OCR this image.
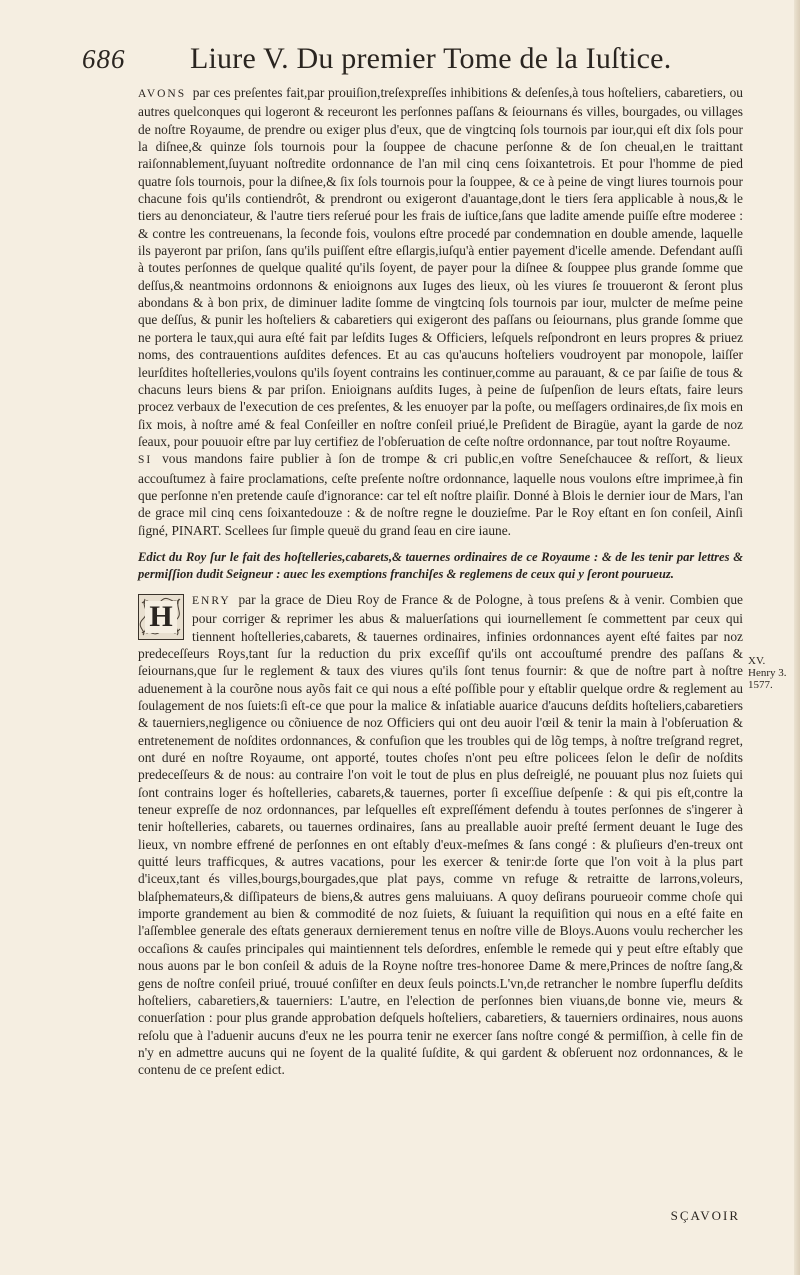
686	Liure V. Du premier Tome de la Iuſtice.

AVONS par ces preſentes fait,par prouiſion,treſexpreſſes inhibitions & deſenſes,à tous hoſteliers, cabaretiers, ou autres quelconques qui logeront & receuront les perſonnes paſſans & ſeiournans és villes, bourgades, ou villages de noſtre Royaume, de prendre ou exiger plus d'eux, que de vingtcinq ſols tournois par iour,qui eſt dix ſols pour la diſnee,& quinze ſols tournois pour la ſouppee de chacune perſonne & de ſon cheual,en le traittant raiſonnablement,ſuyuant noſtredite ordonnance de l'an mil cinq cens ſoixantetrois. Et pour l'homme de pied quatre ſols tournois, pour la diſnee,& ſix ſols tournois pour la ſouppee, & ce à peine de vingt liures tournois pour chacune fois qu'ils contiendrôt, & prendront ou exigeront d'auantage,dont le tiers ſera applicable à nous,& le tiers au denonciateur, & l'autre tiers reſerué pour les frais de iuſtice,ſans que ladite amende puiſſe eſtre moderee : & contre les contreuenans, la ſeconde fois, voulons eſtre procedé par condemnation en double amende, laquelle ils payeront par priſon, ſans qu'ils puiſſent eſtre eſlargis,iuſqu'à entier payement d'icelle amende. Defendant auſſi à toutes perſonnes de quelque qualité qu'ils ſoyent, de payer pour la diſnee & ſouppee plus grande ſomme que deſſus,& neantmoins ordonnons & enioignons aux Iuges des lieux, où les viures ſe trouueront & ſeront plus abondans & à bon prix, de diminuer ladite ſomme de vingtcinq ſols tournois par iour, mulcter de meſme peine que deſſus, & punir les hoſteliers & cabaretiers qui exigeront des paſſans ou ſeiournans, plus grande ſomme que ne portera le taux,qui aura eſté fait par leſdits Iuges & Officiers, leſquels reſpondront en leurs propres & priuez noms, des contrauentions auſdites defences. Et au cas qu'aucuns hoſteliers voudroyent par monopole, laiſſer leurſdites hoſtelleries,voulons qu'ils ſoyent contrains les continuer,comme au parauant, & ce par ſaiſie de tous & chacuns leurs biens & par priſon. Enioignans auſdits Iuges, à peine de ſuſpenſion de leurs eſtats, faire leurs procez verbaux de l'execution de ces preſentes, & les enuoyer par la poſte, ou meſſagers ordinaires,de ſix mois en ſix mois, à noſtre amé & feal Conſeiller en noſtre conſeil priué,le Preſident de Biragüe, ayant la garde de noz ſeaux, pour pouuoir eſtre par luy certifiez de l'obſeruation de ceſte noſtre ordonnance, par tout noſtre Royaume.

SI vous mandons faire publier à ſon de trompe & cri public,en voſtre Seneſchaucee & reſſort, & lieux accouſtumez à faire proclamations, ceſte preſente noſtre ordonnance, laquelle nous voulons eſtre imprimee,à fin que perſonne n'en pretende cauſe d'ignorance: car tel eſt noſtre plaiſir. Donné à Blois le dernier iour de Mars, l'an de grace mil cinq cens ſoixantedouze : & de noſtre regne le douzieſme. Par le Roy eſtant en ſon conſeil, Ainſi ſigné, PINART. Scellees ſur ſimple queuë du grand ſeau en cire iaune.

Edict du Roy ſur le fait des hoſtelleries,cabarets,& tauernes ordinaires de ce Royaume : & de les tenir par lettres & permiſſion dudit Seigneur : auec les exemptions franchiſes & reglemens de ceux qui y ſeront pourueuz.

H	ENRY par la grace de Dieu Roy de France & de Pologne, à tous preſens & à venir. Combien que pour corriger & reprimer les abus & maluerſations qui iournellement ſe commettent par ceux qui tiennent hoſtelleries,cabarets, & tauernes ordinaires, infinies ordonnances ayent eſté faites par noz predeceſſeurs Roys,tant ſur la reduction du prix exceſſif qu'ils ont accouſtumé prendre des paſſans & ſeiournans,que ſur le reglement & taux des viures qu'ils ſont tenus fournir: & que de noſtre part à noſtre aduenement à la courõne nous ayõs fait ce qui nous a eſté poſſible pour y eſtablir quelque ordre & reglement au ſoulagement de nos ſuiets:ſi eſt-ce que pour la malice & inſatiable auarice d'aucuns deſdits hoſteliers,cabaretiers & tauerniers,negligence ou cõniuence de noz Officiers qui ont deu auoir l'œil & tenir la main à l'obſeruation & entretenement de noſdites ordonnances, & confuſion que les troubles qui de lõg temps, à noſtre treſgrand regret, ont duré en noſtre Royaume, ont apporté, toutes choſes n'ont peu eſtre policees ſelon le deſir de noſdits predeceſſeurs & de nous: au contraire l'on voit le tout de plus en plus deſreiglé, ne pouuant plus noz ſuiets qui ſont contrains loger és hoſtelleries, cabarets,& tauernes, porter ſi exceſſiue deſpenſe : & qui pis eſt,contre la teneur expreſſe de noz ordonnances, par leſquelles eſt expreſſément defendu à toutes perſonnes de s'ingerer à tenir hoſtelleries, cabarets, ou tauernes ordinaires, ſans au preallable auoir preſté ſerment deuant le Iuge des lieux, vn nombre effrené de perſonnes en ont eſtably d'eux-meſmes & ſans congé : & pluſieurs d'en-treux ont quitté leurs trafficques, & autres vacations, pour les exercer & tenir:de ſorte que l'on voit à la plus part d'iceux,tant és villes,bourgs,bourgades,que plat pays, comme vn refuge & retraitte de larrons,voleurs, blaſphemateurs,& diſſipateurs de biens,& autres gens maluiuans. A quoy deſirans pourueoir comme choſe qui importe grandement au bien & commodité de noz ſuiets, & ſuiuant la requiſition qui nous en a eſté faite en l'aſſemblee generale des eſtats generaux dernierement tenus en noſtre ville de Bloys.Auons voulu rechercher les occaſions & cauſes principales qui maintiennent tels deſordres, enſemble le remede qui y peut eſtre eſtably que nous auons par le bon conſeil & aduis de la Royne noſtre tres-honoree Dame & mere,Princes de noſtre ſang,& gens de noſtre conſeil priué, trouué conſiſter en deux ſeuls poincts.L'vn,de retrancher le nombre ſuperflu deſdits hoſteliers, cabaretiers,& tauerniers: L'autre, en l'election de perſonnes bien viuans,de bonne vie, meurs & conuerſation : pour plus grande approbation deſquels hoſteliers, cabaretiers, & tauerniers ordinaires, nous auons reſolu que à l'aduenir aucuns d'eux ne les pourra tenir ne exercer ſans noſtre congé & permiſſion, à celle fin de n'y en admettre aucuns qui ne ſoyent de la qualité ſuſdite, & qui gardent & obſeruent noz ordonnances, & le contenu de ce preſent edict.

XV.
Henry 3.
1577.
SÇAVOIR
